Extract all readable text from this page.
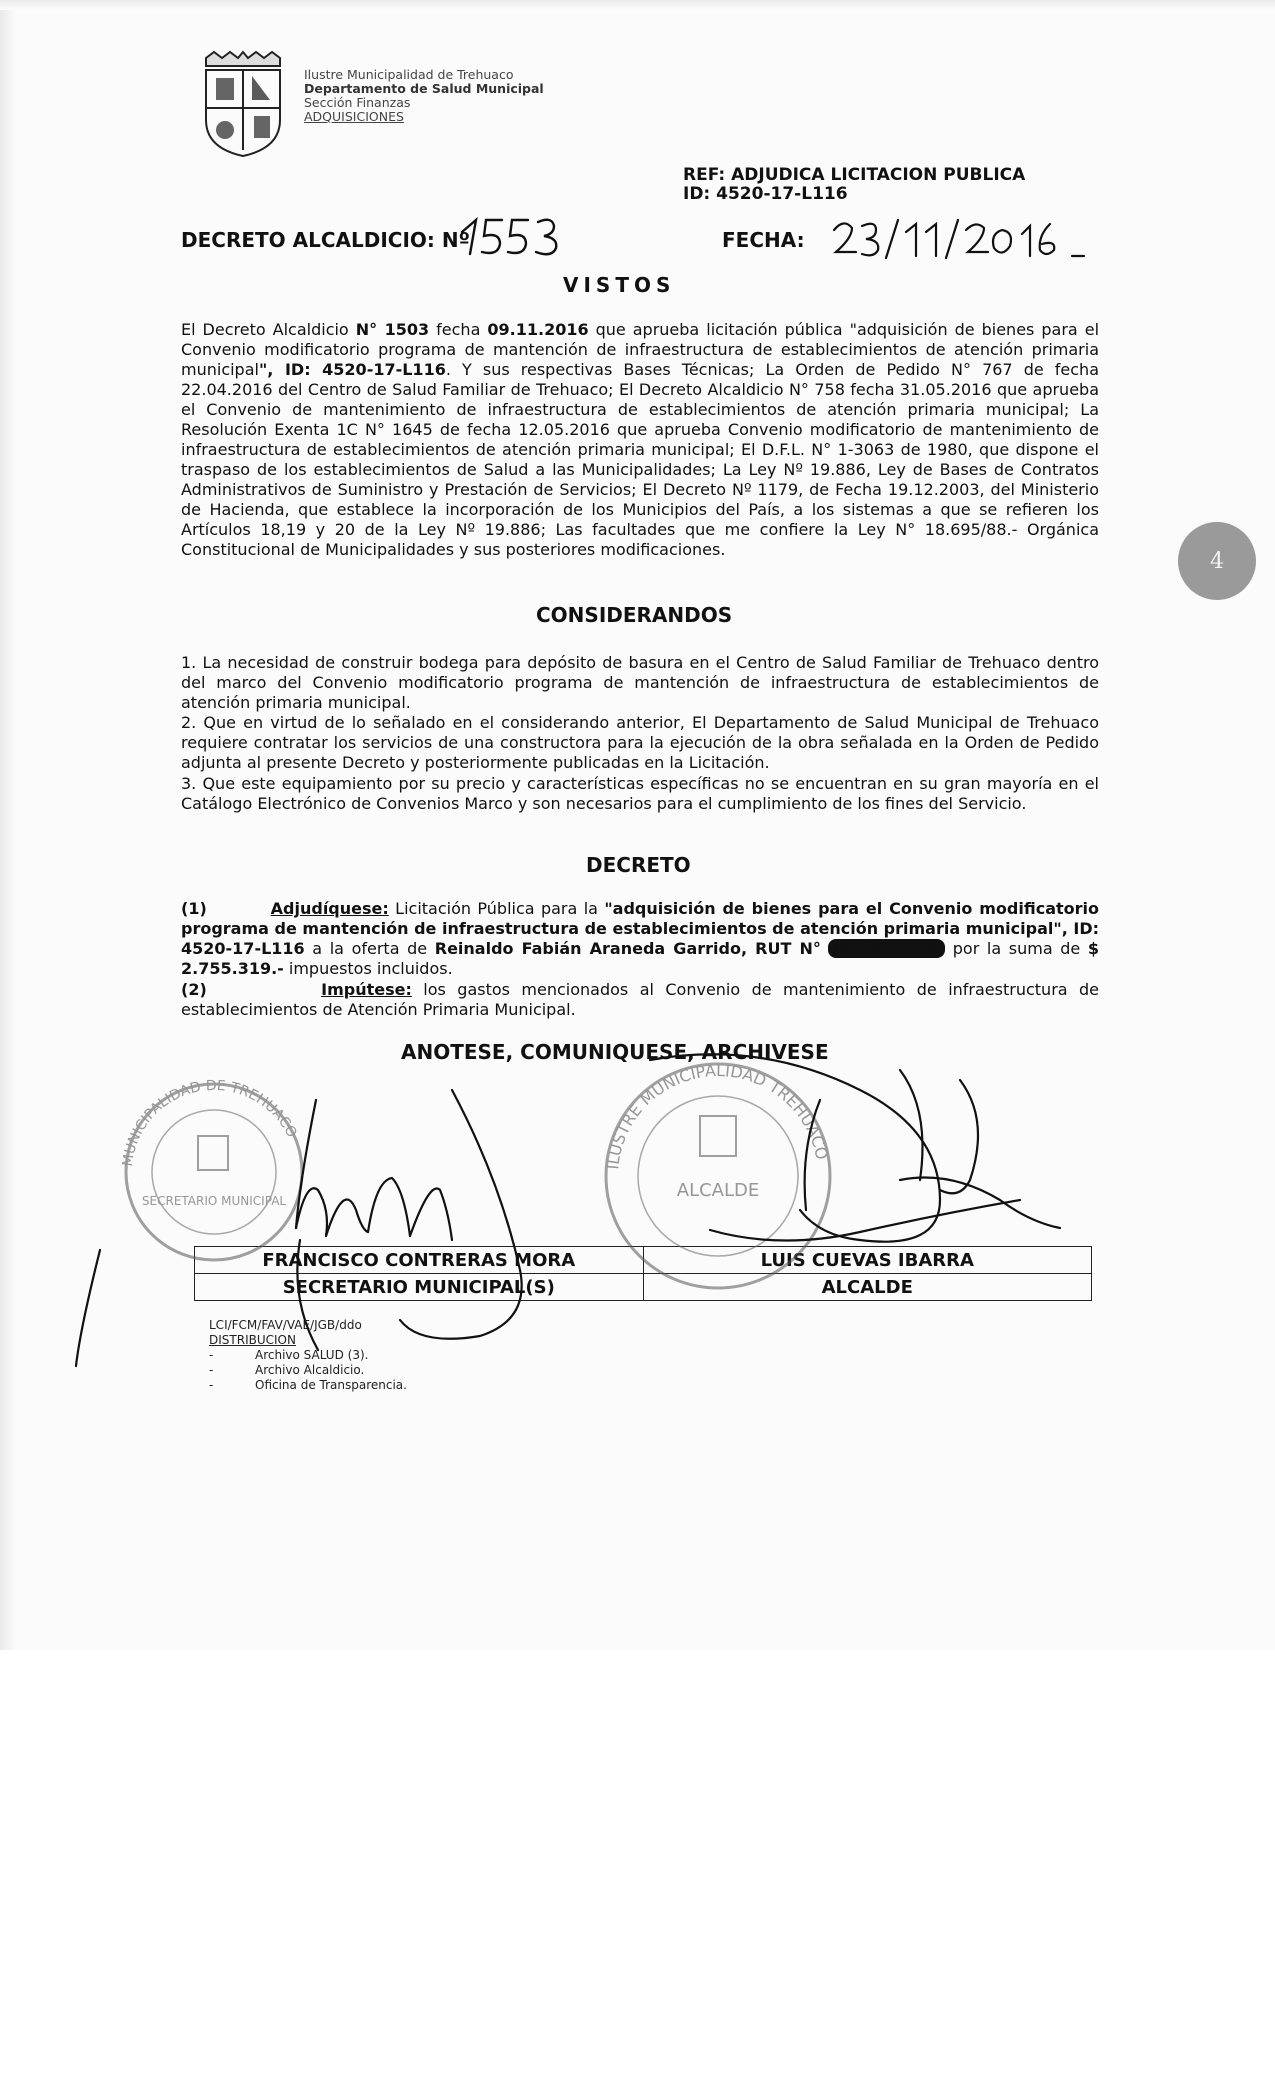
Ilustre Municipalidad de Trehuaco
Departamento de Salud Municipal
Sección Finanzas
ADQUISICIONES
REF: ADJUDICA LICITACION PUBLICA
ID: 4520-17-L116
DECRETO ALCALDICIO: Nº	FECHA:
VISTOS
El Decreto Alcaldicio N° 1503 fecha 09.11.2016 que aprueba licitación pública "adquisición de bienes para el Convenio modificatorio programa de mantención de infraestructura de establecimientos de atención primaria municipal", ID: 4520-17-L116. Y sus respectivas Bases Técnicas; La Orden de Pedido N° 767 de fecha 22.04.2016 del Centro de Salud Familiar de Trehuaco; El Decreto Alcaldicio N° 758 fecha 31.05.2016 que aprueba el Convenio de mantenimiento de infraestructura de establecimientos de atención primaria municipal; La Resolución Exenta 1C N° 1645 de fecha 12.05.2016 que aprueba Convenio modificatorio de mantenimiento de infraestructura de establecimientos de atención primaria municipal; El D.F.L. N° 1-3063 de 1980, que dispone el traspaso de los establecimientos de Salud a las Municipalidades; La Ley Nº 19.886, Ley de Bases de Contratos Administrativos de Suministro y Prestación de Servicios; El Decreto Nº 1179, de Fecha 19.12.2003, del Ministerio de Hacienda, que establece la incorporación de los Municipios del País, a los sistemas a que se refieren los Artículos 18,19 y 20 de la Ley Nº 19.886; Las facultades que me confiere la Ley N° 18.695/88.- Orgánica Constitucional de Municipalidades y sus posteriores modificaciones.
CONSIDERANDOS
1. La necesidad de construir bodega para depósito de basura en el Centro de Salud Familiar de Trehuaco dentro del marco del Convenio modificatorio programa de mantención de infraestructura de establecimientos de atención primaria municipal.
2. Que en virtud de lo señalado en el considerando anterior, El Departamento de Salud Municipal de Trehuaco requiere contratar los servicios de una constructora para la ejecución de la obra señalada en la Orden de Pedido adjunta al presente Decreto y posteriormente publicadas en la Licitación.
3. Que este equipamiento por su precio y características específicas no se encuentran en su gran mayoría en el Catálogo Electrónico de Convenios Marco y son necesarios para el cumplimiento de los fines del Servicio.
DECRETO
(1)	Adjudíquese: Licitación Pública para la "adquisición de bienes para el Convenio modificatorio programa de mantención de infraestructura de establecimientos de atención primaria municipal", ID: 4520-17-L116 a la oferta de Reinaldo Fabián Araneda Garrido, RUT N° 14.536.975-4, por la suma de $ 2.755.319.- impuestos incluidos.
(2)	Impútese: los gastos mencionados al Convenio de mantenimiento de infraestructura de establecimientos de Atención Primaria Municipal.
ANOTESE, COMUNIQUESE, ARCHIVESE
FRANCISCO CONTRERAS MORA	LUIS CUEVAS IBARRA
SECRETARIO MUNICIPAL(S)	ALCALDE
LCI/FCM/FAV/VAE/JGB/ddo
DISTRIBUCION
-	Archivo SALUD (3).
-	Archivo Alcaldicio.
-	Oficina de Transparencia.
4
MUNICIPALIDAD DE TREHUACO
SECRETARIO MUNICIPAL
ILUSTRE MUNICIPALIDAD TREHUACO
ALCALDE
